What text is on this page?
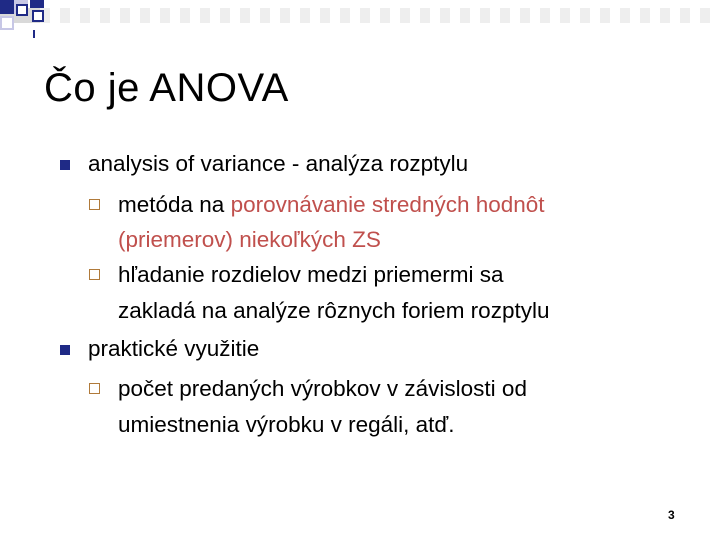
Čo je ANOVA
analysis of variance - analýza rozptylu
metóda na porovnávanie stredných hodnôt
(priemerov) niekoľkých ZS
hľadanie rozdielov medzi priemermi sa
zakladá na analýze rôznych foriem rozptylu
praktické využitie
počet predaných výrobkov v závislosti od
umiestnenia výrobku v regáli, atď.
3
